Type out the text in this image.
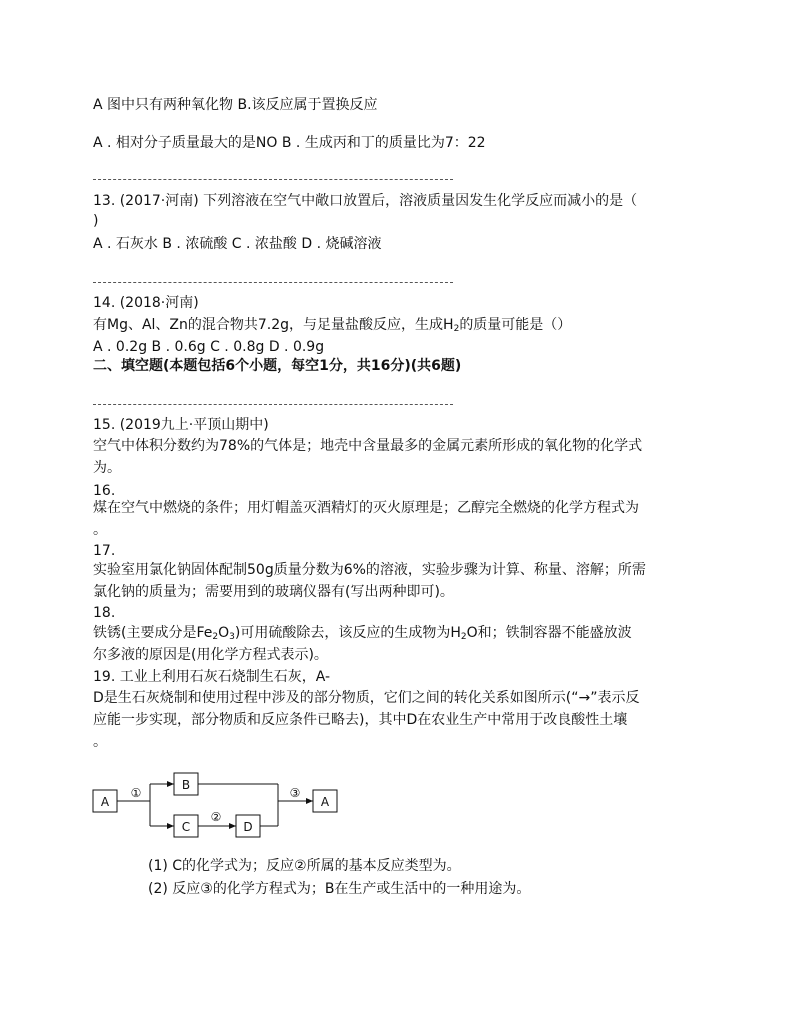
A 图中只有两种氧化物 B.该反应属于置换反应
A . 相对分子质量最大的是NO B . 生成丙和丁的质量比为7：22
13. (2017·河南) 下列溶液在空气中敞口放置后，溶液质量因发生化学反应而减小的是（
)
A . 石灰水 B . 浓硫酸 C . 浓盐酸 D . 烧碱溶液
14. (2018·河南)
有Mg、Al、Zn的混合物共7.2g，与足量盐酸反应，生成$H_2$的质量可能是（）
A . 0.2g B . 0.6g C . 0.8g D . 0.9g
二、填空题(本题包括6个小题，每空1分，共16分)(共6题)
15. (2019九上·平顶山期中)
空气中体积分数约为78%的气体是；地壳中含量最多的金属元素所形成的氧化物的化学式
为。
16.
煤在空气中燃烧的条件；用灯帽盖灭酒精灯的灭火原理是；乙醇完全燃烧的化学方程式为
。
17.
实验室用氯化钠固体配制50g质量分数为6%的溶液，实验步骤为计算、称量、溶解；所需
氯化钠的质量为；需要用到的玻璃仪器有(写出两种即可)。
18.
铁锈(主要成分是$Fe_2O_3$)可用硫酸除去，该反应的生成物为$H_2O$和；铁制容器不能盛放波
尔多液的原因是(用化学方程式表示)。
19. 工业上利用石灰石烧制生石灰，A-
D是生石灰烧制和使用过程中涉及的部分物质，它们之间的转化关系如图所示(“→”表示反
应能一步实现，部分物质和反应条件已略去)，其中D在农业生产中常用于改良酸性土壤
。
A
B
C	D
A
①
②
③
(1) C的化学式为；反应②所属的基本反应类型为。
(2) 反应③的化学方程式为；B在生产或生活中的一种用途为。
